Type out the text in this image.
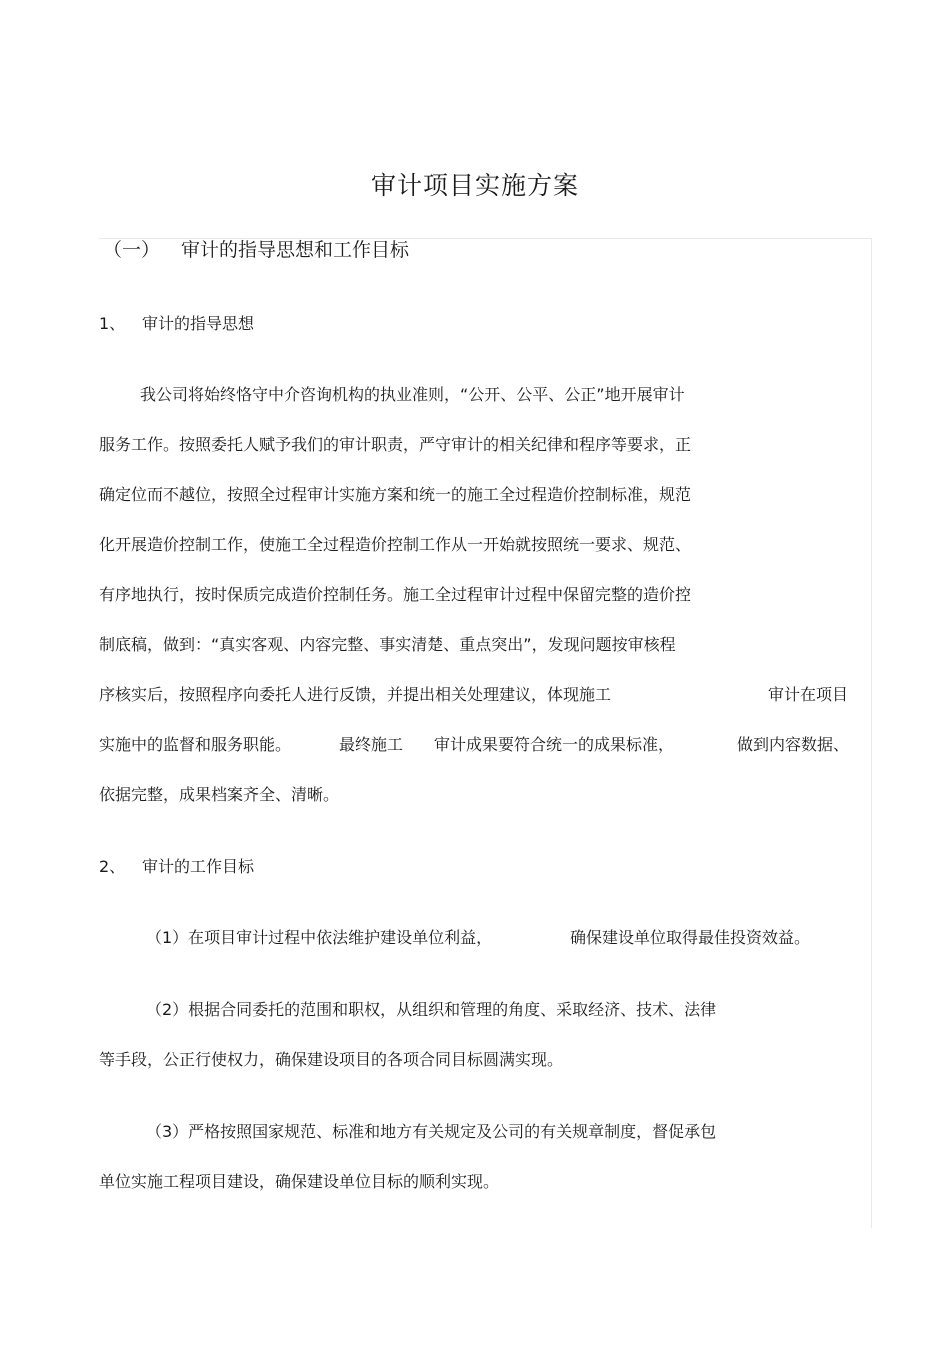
审计项目实施方案
（一） 审计的指导思想和工作目标
1、 审计的指导思想
我公司将始终恪守中介咨询机构的执业准则，“公开、公平、公正”地开展审计
服务工作。按照委托人赋予我们的审计职责，严守审计的相关纪律和程序等要求，正
确定位而不越位，按照全过程审计实施方案和统一的施工全过程造价控制标准，规范
化开展造价控制工作，使施工全过程造价控制工作从一开始就按照统一要求、规范、
有序地执行，按时保质完成造价控制任务。施工全过程审计过程中保留完整的造价控
制底稿，做到：“真实客观、内容完整、事实清楚、重点突出”，发现问题按审核程
序核实后，按照程序向委托人进行反馈，并提出相关处理建议，体现施工	审计在项目
实施中的监督和服务职能。	最终施工 审计成果要符合统一的成果标准，	做到内容数据、
依据完整，成果档案齐全、清晰。
2、 审计的工作目标
（1）在项目审计过程中依法维护建设单位利益，	确保建设单位取得最佳投资效益。
（2）根据合同委托的范围和职权，从组织和管理的角度、采取经济、技术、法律
等手段，公正行使权力，确保建设项目的各项合同目标圆满实现。
（3）严格按照国家规范、标准和地方有关规定及公司的有关规章制度，督促承包
单位实施工程项目建设，确保建设单位目标的顺利实现。
